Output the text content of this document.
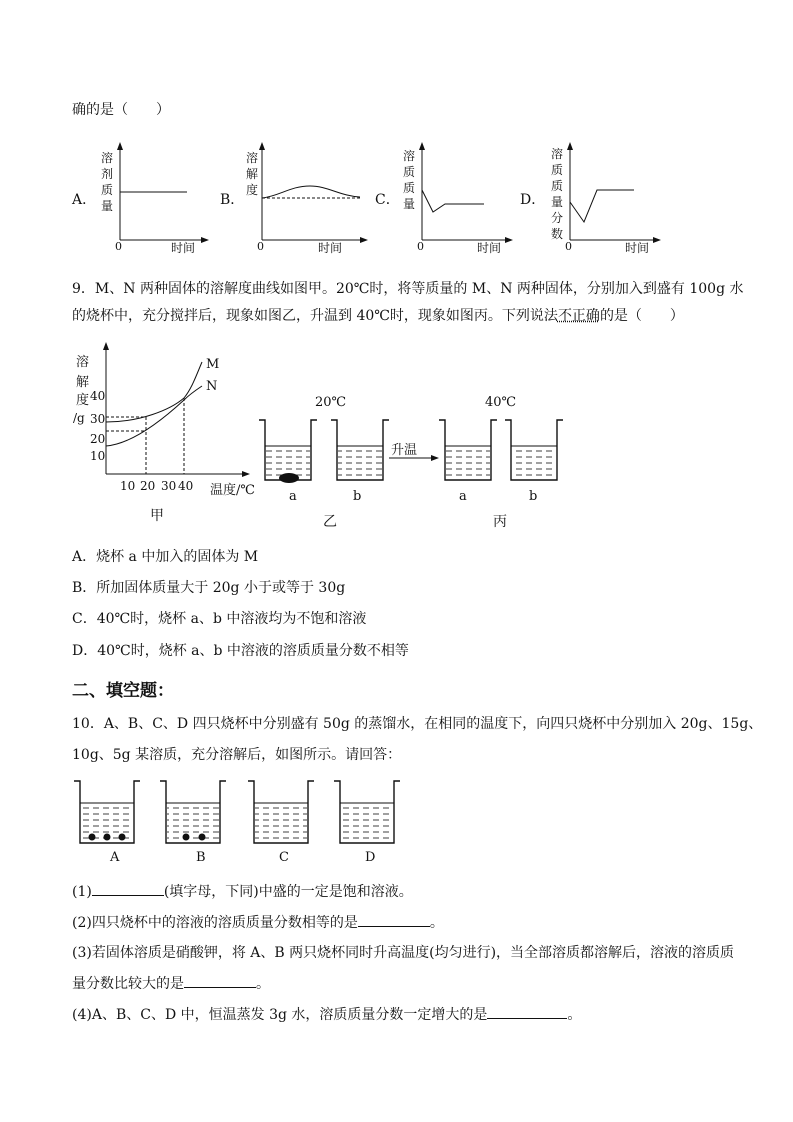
确的是（　　）
A．
溶
剂
质
量
0	时间
B．
溶
解
度
0	时间
C．
溶
质
质
量
0	时间
D．
溶
质
质
量
分
数
0	时间
9．M、N 两种固体的溶解度曲线如图甲。20℃时，将等质量的 M、N 两种固体，分别加入到盛有 100g 水
的烧杯中，充分搅拌后，现象如图乙，升温到 40℃时，现象如图丙。下列说法不正确的是（　　）
溶
解
度
/g
40
30
20
10
10 20 30 40 温度/℃
M
N
甲
20℃	40℃
升温
a	b	a	b
乙	丙
A．烧杯 a 中加入的固体为 M
B．所加固体质量大于 20g 小于或等于 30g
C．40℃时，烧杯 a、b 中溶液均为不饱和溶液
D．40℃时，烧杯 a、b 中溶液的溶质质量分数不相等
二、填空题：
10．A、B、C、D 四只烧杯中分别盛有 50g 的蒸馏水，在相同的温度下，向四只烧杯中分别加入 20g、15g、
10g、5g 某溶质，充分溶解后，如图所示。请回答：
A	B	C	D
(1)	(填字母，下同)中盛的一定是饱和溶液。
(2)四只烧杯中的溶液的溶质质量分数相等的是	。
(3)若固体溶质是硝酸钾，将 A、B 两只烧杯同时升高温度(均匀进行)，当全部溶质都溶解后，溶液的溶质质
量分数比较大的是	。
(4)A、B、C、D 中，恒温蒸发 3g 水，溶质质量分数一定增大的是	。
